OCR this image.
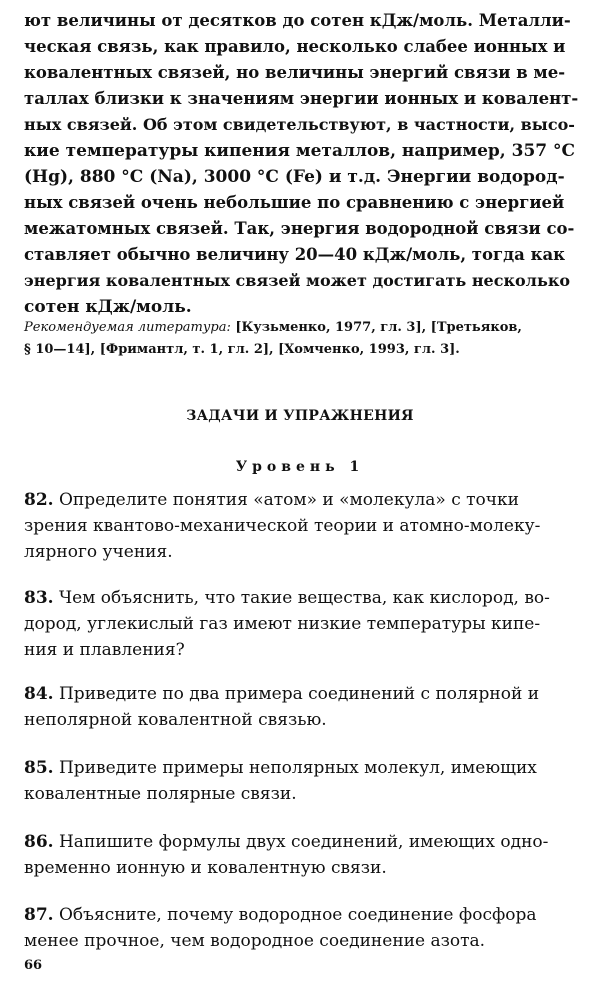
ют величины от десятков до сотен кДж/моль. Металли-
ческая связь, как правило, несколько слабее ионных и
ковалентных связей, но величины энергий связи в ме-
таллах близки к значениям энергии ионных и ковалент-
ных связей. Об этом свидетельствуют, в частности, высо-
кие температуры кипения металлов, например, 357 °С
(Hg), 880 °С (Na), 3000 °С (Fe) и т.д. Энергии водород-
ных связей очень небольшие по сравнению с энергией
межатомных связей. Так, энергия водородной связи со-
ставляет обычно величину 20—40 кДж/моль, тогда как
энергия ковалентных связей может достигать несколько
сотен кДж/моль.

Рекомендуемая литература: [Кузьменко, 1977, гл. 3], [Третьяков,
§ 10—14], [Фримантл, т. 1, гл. 2], [Хомченко, 1993, гл. 3].

ЗАДАЧИ И УПРАЖНЕНИЯ

Уровень 1

82. Определите понятия «атом» и «молекула» с точки
зрения квантово-механической теории и атомно-молеку-
лярного учения.

83. Чем объяснить, что такие вещества, как кислород, во-
дород, углекислый газ имеют низкие температуры кипе-
ния и плавления?

84. Приведите по два примера соединений с полярной и
неполярной ковалентной связью.

85. Приведите примеры неполярных молекул, имеющих
ковалентные полярные связи.

86. Напишите формулы двух соединений, имеющих одно-
временно ионную и ковалентную связи.

87. Объясните, почему водородное соединение фосфора
менее прочное, чем водородное соединение азота.

66
